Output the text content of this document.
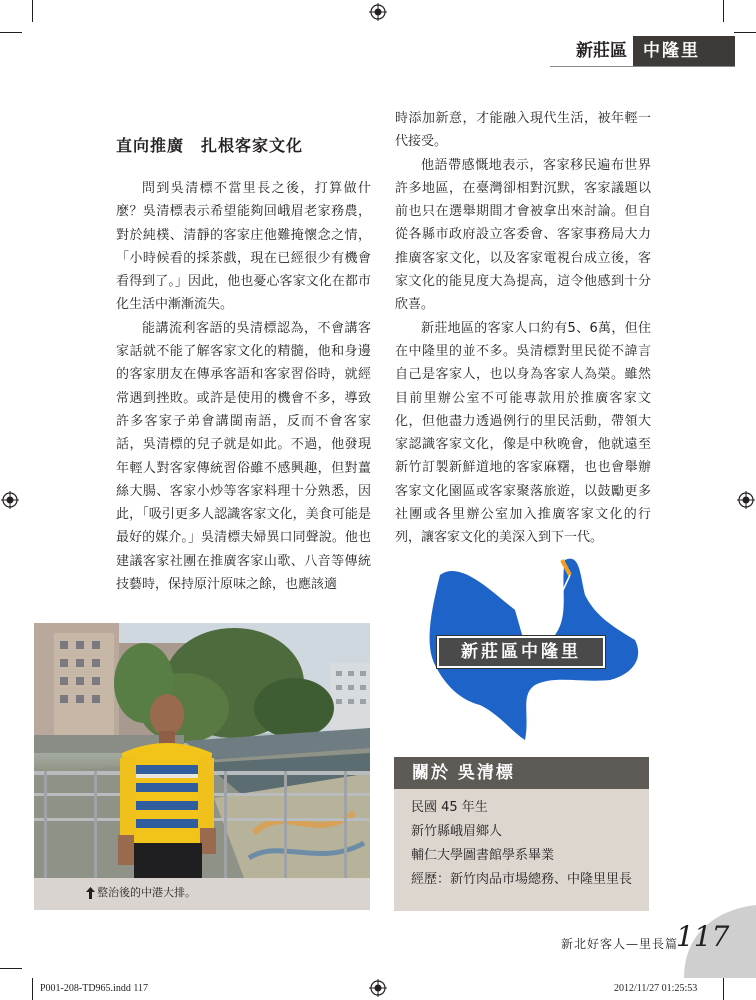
新莊區 中隆里
直向推廣　扎根客家文化

問到吳清標不當里長之後，打算做什麼？吳清標表示希望能夠回峨眉老家務農，對於純樸、清靜的客家庄他難掩懷念之情，「小時候看的採茶戲，現在已經很少有機會看得到了。」因此，他也憂心客家文化在都市化生活中漸漸流失。

能講流利客語的吳清標認為，不會講客家話就不能了解客家文化的精髓，他和身邊的客家朋友在傳承客語和客家習俗時，就經常遇到挫敗。或許是使用的機會不多，導致許多客家子弟會講閩南語，反而不會客家話，吳清標的兒子就是如此。不過，他發現年輕人對客家傳統習俗雖不感興趣，但對薑絲大腸、客家小炒等客家料理十分熟悉，因此，「吸引更多人認識客家文化，美食可能是最好的媒介。」吳清標夫婦異口同聲說。他也建議客家社團在推廣客家山歌、八音等傳統技藝時，保持原汁原味之餘，也應該適

時添加新意，才能融入現代生活，被年輕一代接受。

他語帶感慨地表示，客家移民遍布世界許多地區，在臺灣卻相對沉默，客家議題以前也只在選舉期間才會被拿出來討論。但自從各縣市政府設立客委會、客家事務局大力推廣客家文化，以及客家電視台成立後，客家文化的能見度大為提高，這令他感到十分欣喜。

新莊地區的客家人口約有5、6萬，但住在中隆里的並不多。吳清標對里民從不諱言自己是客家人，也以身為客家人為榮。雖然目前里辦公室不可能專款用於推廣客家文化，但他盡力透過例行的里民活動，帶領大家認識客家文化，像是中秋晚會，他就遠至新竹訂製新鮮道地的客家麻糬，也也會舉辦客家文化園區或客家聚落旅遊，以鼓勵更多社團或各里辦公室加入推廣客家文化的行列，讓客家文化的美深入到下一代。

整治後的中港大排。
新莊區中隆里
關於 吳清標
民國 45 年生
新竹縣峨眉鄉人
輔仁大學圖書館學系畢業
經歷：新竹肉品市場總務、中隆里里長
新北好客人—里長篇
117
P001-208-TD965.indd 117	2012/11/27 01:25:53
